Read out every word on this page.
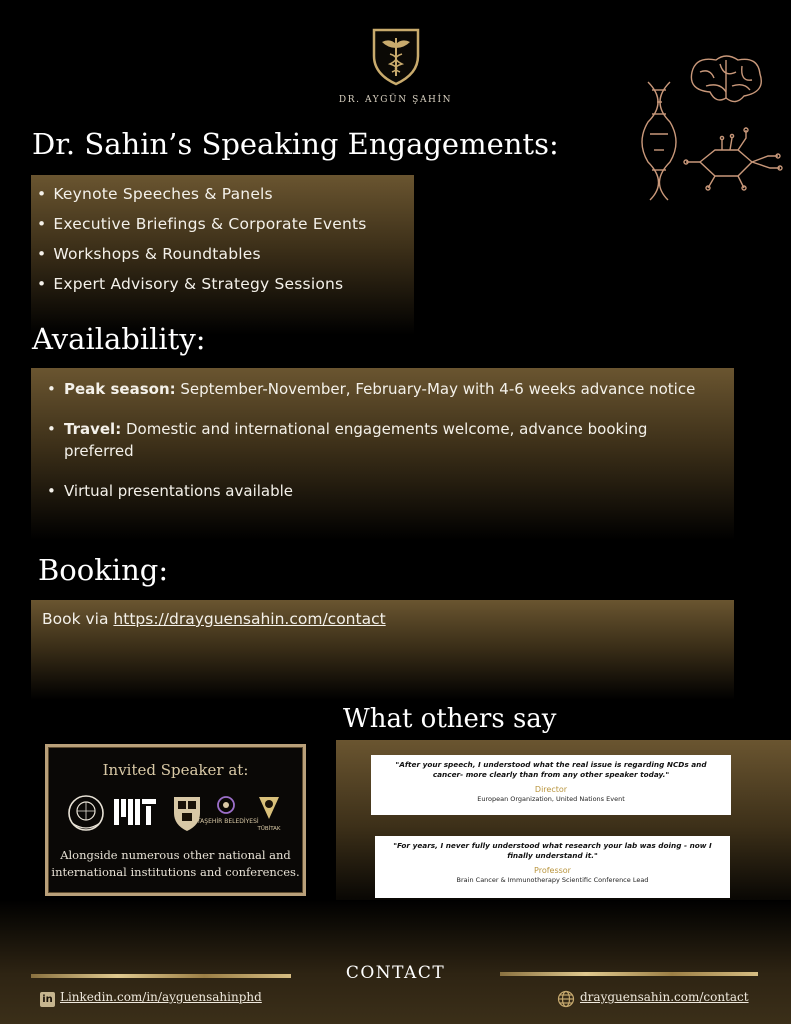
DR. AYGÜN ŞAHİN
Dr. Sahin’s Speaking Engagements:
• Keynote Speeches & Panels
• Executive Briefings & Corporate Events
• Workshops & Roundtables
• Expert Advisory & Strategy Sessions
Availability:
• Peak season: September-November, February-May with 4-6 weeks advance notice
• Travel: Domestic and international engagements welcome, advance booking preferred
• Virtual presentations available
Booking:
Book via https://drayguensahin.com/contact
Invited Speaker at:
ATAŞEHİR BELEDİYESİ
TÜBİTAK
Alongside numerous other national and international institutions and conferences.
What others say
"After your speech, I understood what the real issue is regarding NCDs and cancer- more clearly than from any other speaker today."
Director
European Organization, United Nations Event
"For years, I never fully understood what research your lab was doing - now I finally understand it."
Professor
Brain Cancer & Immunotherapy Scientific Conference Lead
CONTACT
in Linkedin.com/in/ayguensahinphd	drayguensahin.com/contact
